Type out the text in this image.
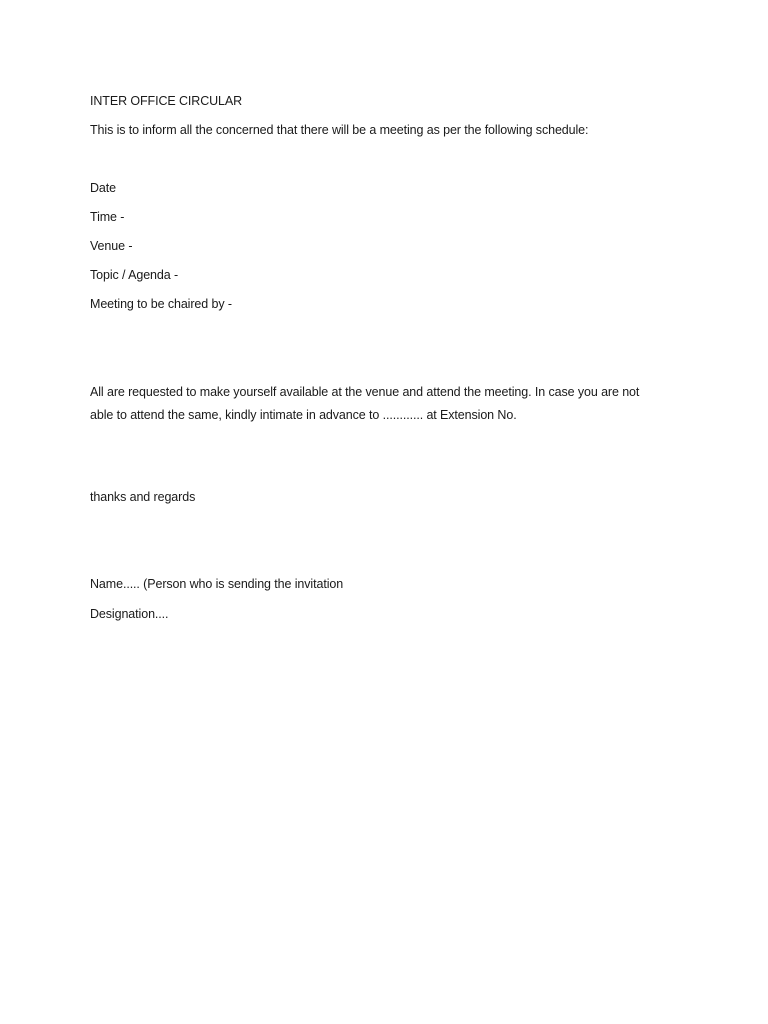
INTER OFFICE CIRCULAR
This is to inform all the concerned that there will be a meeting as per the following schedule:
Date
Time -
Venue -
Topic / Agenda -
Meeting to be chaired by -
All are requested to make yourself available at the venue and attend the meeting. In case you are not
able to attend the same, kindly intimate in advance to ............ at Extension No.
thanks and regards
Name..... (Person who is sending the invitation
Designation....
